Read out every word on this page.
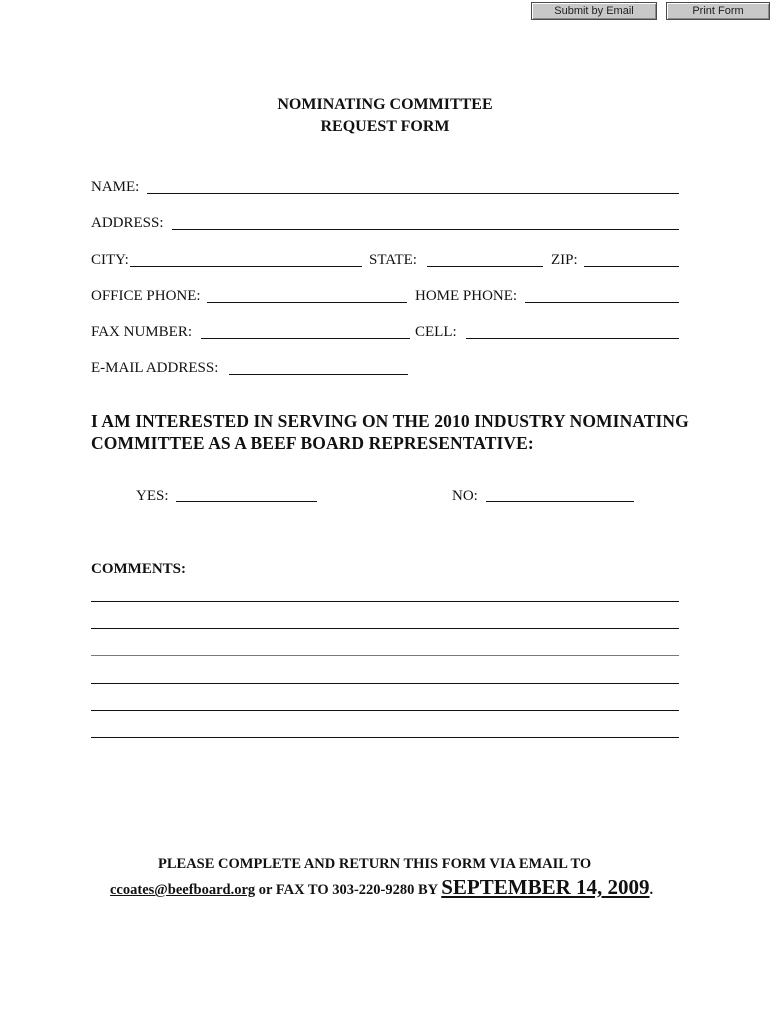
Submit by Email	Print Form
NOMINATING COMMITTEE
REQUEST FORM
NAME:
ADDRESS:
CITY:	STATE:	ZIP:
OFFICE PHONE:	HOME PHONE:
FAX NUMBER:	CELL:
E-MAIL ADDRESS:
I AM INTERESTED IN SERVING ON THE 2010 INDUSTRY NOMINATING
COMMITTEE AS A BEEF BOARD REPRESENTATIVE:
YES:	NO:
COMMENTS:
PLEASE COMPLETE AND RETURN THIS FORM VIA EMAIL TO
ccoates@beefboard.org or FAX TO 303-220-9280 BY SEPTEMBER 14, 2009.
